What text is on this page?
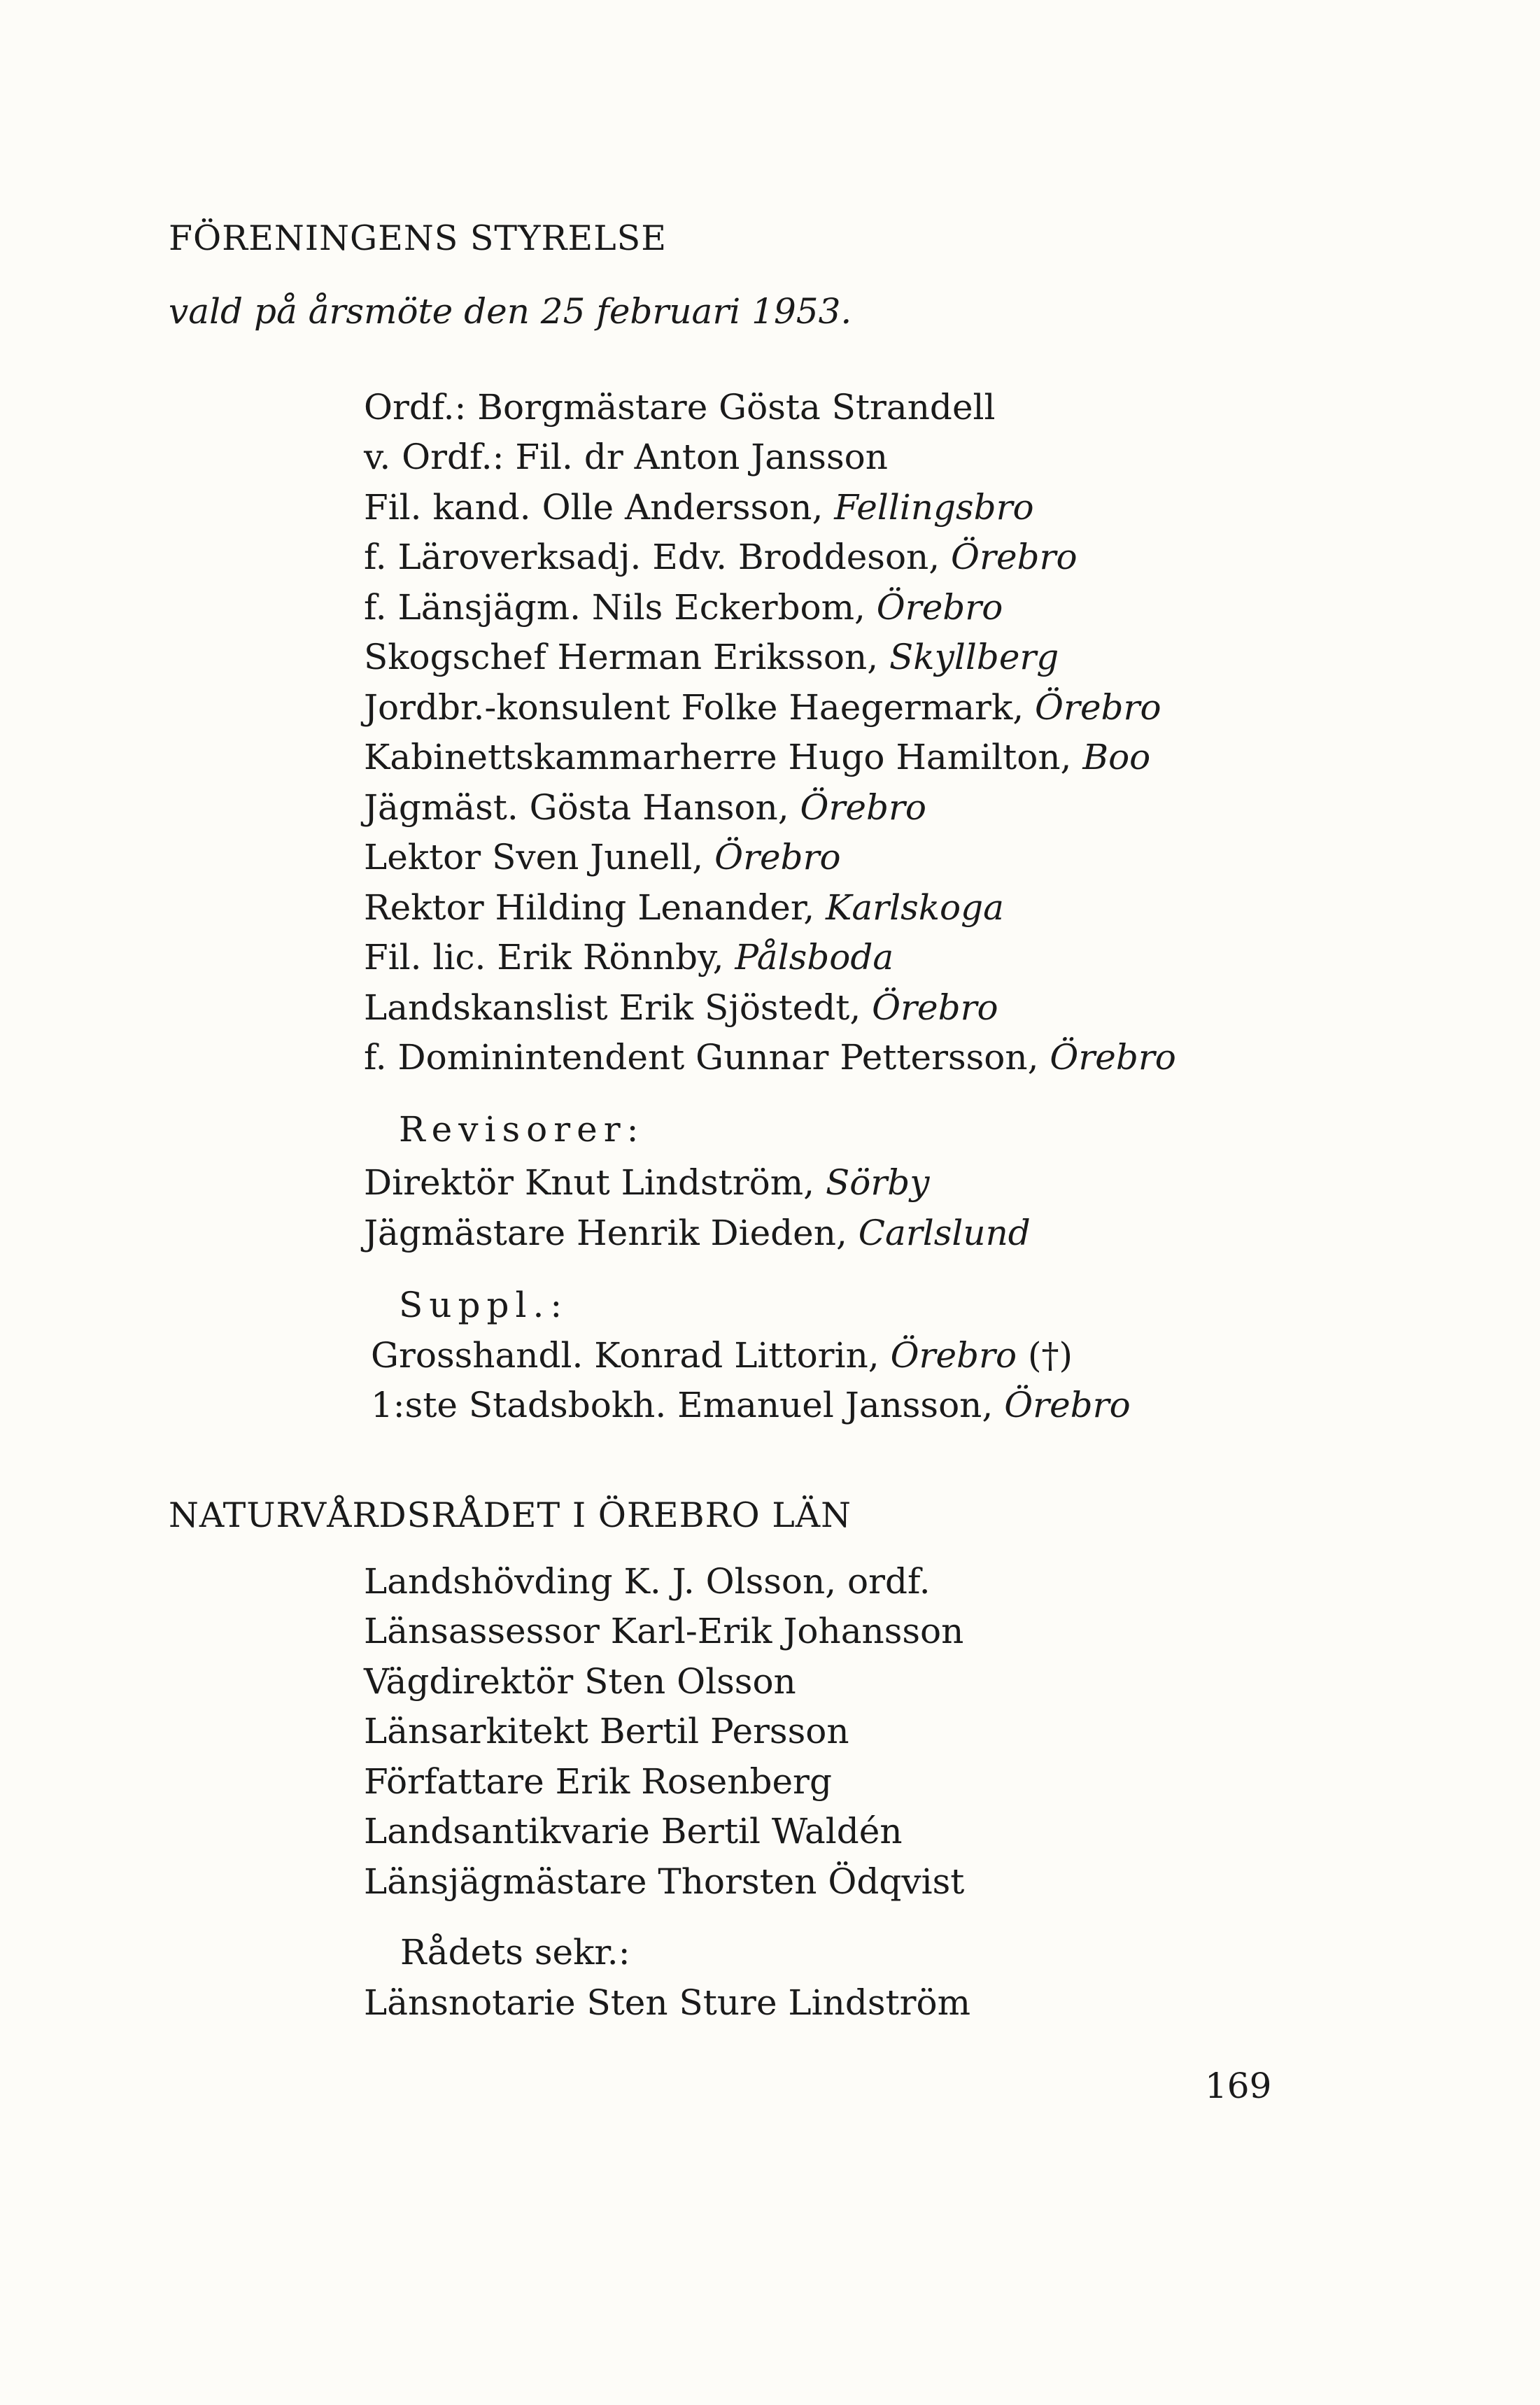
FÖRENINGENS STYRELSE
vald på årsmöte den 25 februari 1953.
Ordf.: Borgmästare Gösta Strandell
v. Ordf.: Fil. dr Anton Jansson
Fil. kand. Olle Andersson, Fellingsbro
f. Läroverksadj. Edv. Broddeson, Örebro
f. Länsjägm. Nils Eckerbom, Örebro
Skogschef Herman Eriksson, Skyllberg
Jordbr.-konsulent Folke Haegermark, Örebro
Kabinettskammarherre Hugo Hamilton, Boo
Jägmäst. Gösta Hanson, Örebro
Lektor Sven Junell, Örebro
Rektor Hilding Lenander, Karlskoga
Fil. lic. Erik Rönnby, Pålsboda
Landskanslist Erik Sjöstedt, Örebro
f. Dominintendent Gunnar Pettersson, Örebro
Revisorer:
Direktör Knut Lindström, Sörby
Jägmästare Henrik Dieden, Carlslund
Suppl.:
Grosshandl. Konrad Littorin, Örebro (†)
1:ste Stadsbokh. Emanuel Jansson, Örebro
NATURVÅRDSRÅDET I ÖREBRO LÄN
Landshövding K. J. Olsson, ordf.
Länsassessor Karl-Erik Johansson
Vägdirektör Sten Olsson
Länsarkitekt Bertil Persson
Författare Erik Rosenberg
Landsantikvarie Bertil Waldén
Länsjägmästare Thorsten Ödqvist
Rådets sekr.:
Länsnotarie Sten Sture Lindström
169
